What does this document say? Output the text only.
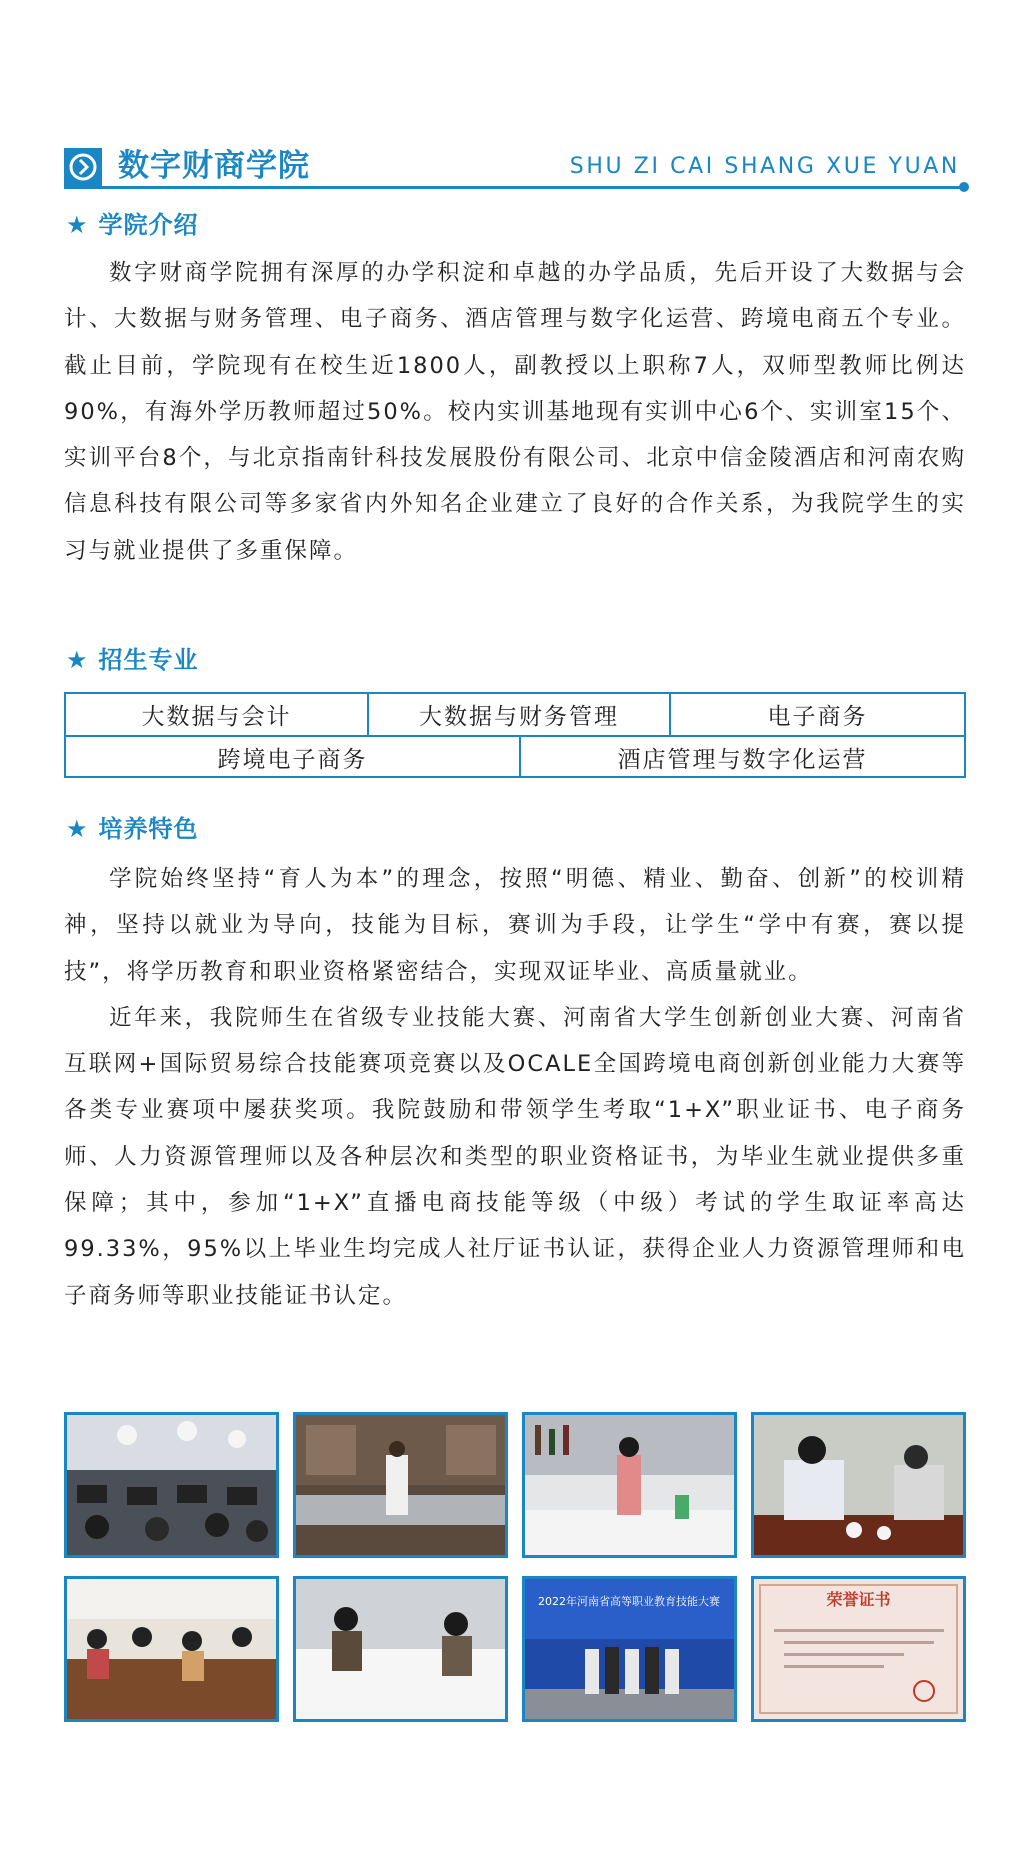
数字财商学院	SHU ZI CAI SHANG XUE YUAN
★ 学院介绍

数字财商学院拥有深厚的办学积淀和卓越的办学品质，先后开设了大数据与会计、大数据与财务管理、电子商务、酒店管理与数字化运营、跨境电商五个专业。截止目前，学院现有在校生近1800人，副教授以上职称7人，双师型教师比例达90%，有海外学历教师超过50%。校内实训基地现有实训中心6个、实训室15个、实训平台8个，与北京指南针科技发展股份有限公司、北京中信金陵酒店和河南农购信息科技有限公司等多家省内外知名企业建立了良好的合作关系，为我院学生的实习与就业提供了多重保障。

★ 招生专业
大数据与会计	大数据与财务管理	电子商务
跨境电子商务	酒店管理与数字化运营
★ 培养特色

学院始终坚持“育人为本”的理念，按照“明德、精业、勤奋、创新”的校训精神，坚持以就业为导向，技能为目标，赛训为手段，让学生“学中有赛，赛以提技”，将学历教育和职业资格紧密结合，实现双证毕业、高质量就业。
近年来，我院师生在省级专业技能大赛、河南省大学生创新创业大赛、河南省互联网+国际贸易综合技能赛项竞赛以及OCALE全国跨境电商创新创业能力大赛等各类专业赛项中屡获奖项。我院鼓励和带领学生考取“1+X”职业证书、电子商务师、人力资源管理师以及各种层次和类型的职业资格证书，为毕业生就业提供多重保障；其中，参加“1+X”直播电商技能等级（中级）考试的学生取证率高达99.33%，95%以上毕业生均完成人社厅证书认证，获得企业人力资源管理师和电子商务师等职业技能证书认定。

2022年河南省高等职业教育技能大赛	荣誉证书
